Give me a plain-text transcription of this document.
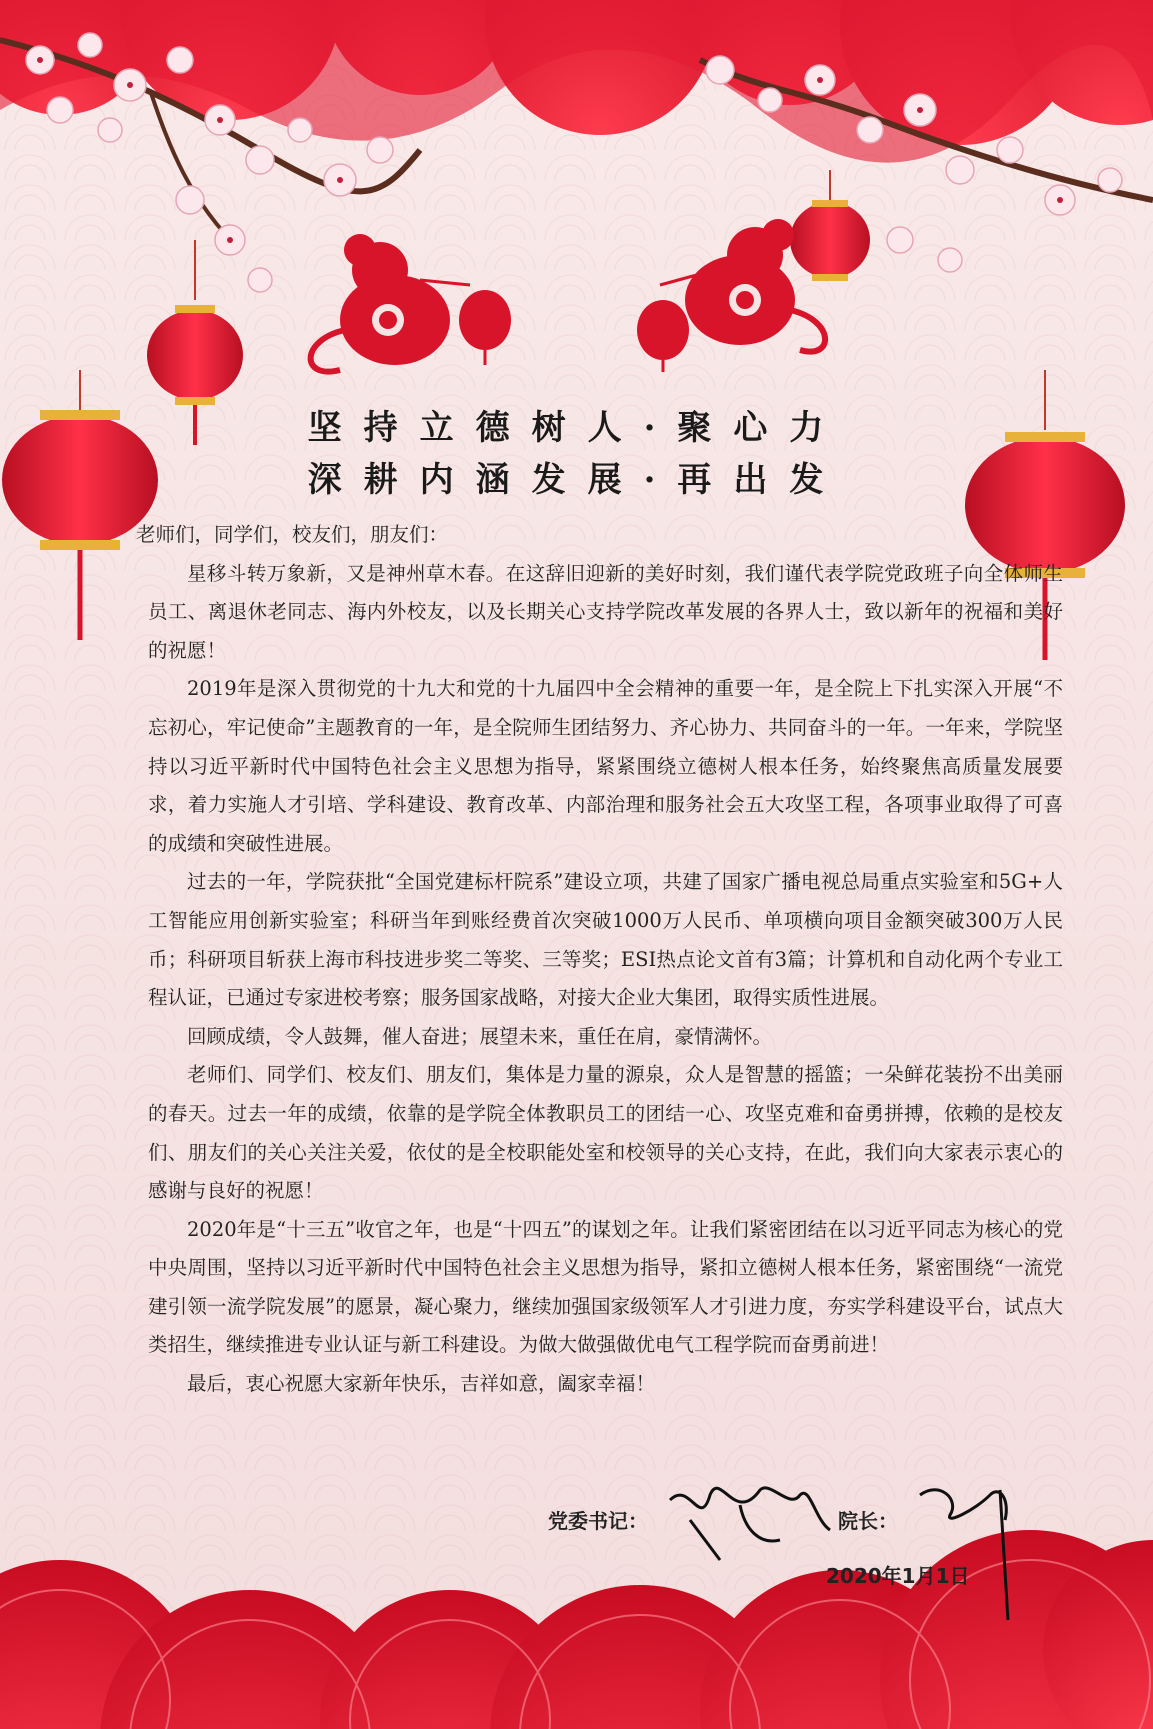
坚持立德树人·聚心力
深耕内涵发展·再出发

老师们，同学们，校友们，朋友们：

星移斗转万象新，又是神州草木春。在这辞旧迎新的美好时刻，我们谨代表学院党政班子向全体师生员工、离退休老同志、海内外校友，以及长期关心支持学院改革发展的各界人士，致以新年的祝福和美好的祝愿！

2019年是深入贯彻党的十九大和党的十九届四中全会精神的重要一年，是全院上下扎实深入开展“不忘初心，牢记使命”主题教育的一年，是全院师生团结努力、齐心协力、共同奋斗的一年。一年来，学院坚持以习近平新时代中国特色社会主义思想为指导，紧紧围绕立德树人根本任务，始终聚焦高质量发展要求，着力实施人才引培、学科建设、教育改革、内部治理和服务社会五大攻坚工程，各项事业取得了可喜的成绩和突破性进展。

过去的一年，学院获批“全国党建标杆院系”建设立项，共建了国家广播电视总局重点实验室和5G+人工智能应用创新实验室；科研当年到账经费首次突破1000万人民币、单项横向项目金额突破300万人民币；科研项目斩获上海市科技进步奖二等奖、三等奖；ESI热点论文首有3篇；计算机和自动化两个专业工程认证，已通过专家进校考察；服务国家战略，对接大企业大集团，取得实质性进展。

回顾成绩，令人鼓舞，催人奋进；展望未来，重任在肩，豪情满怀。

老师们、同学们、校友们、朋友们，集体是力量的源泉，众人是智慧的摇篮；一朵鲜花装扮不出美丽的春天。过去一年的成绩，依靠的是学院全体教职员工的团结一心、攻坚克难和奋勇拼搏，依赖的是校友们、朋友们的关心关注关爱，依仗的是全校职能处室和校领导的关心支持，在此，我们向大家表示衷心的感谢与良好的祝愿！

2020年是“十三五”收官之年，也是“十四五”的谋划之年。让我们紧密团结在以习近平同志为核心的党中央周围，坚持以习近平新时代中国特色社会主义思想为指导，紧扣立德树人根本任务，紧密围绕“一流党建引领一流学院发展”的愿景，凝心聚力，继续加强国家级领军人才引进力度，夯实学科建设平台，试点大类招生，继续推进专业认证与新工科建设。为做大做强做优电气工程学院而奋勇前进！

最后，衷心祝愿大家新年快乐，吉祥如意，阖家幸福！

党委书记：	院长：
2020年1月1日
